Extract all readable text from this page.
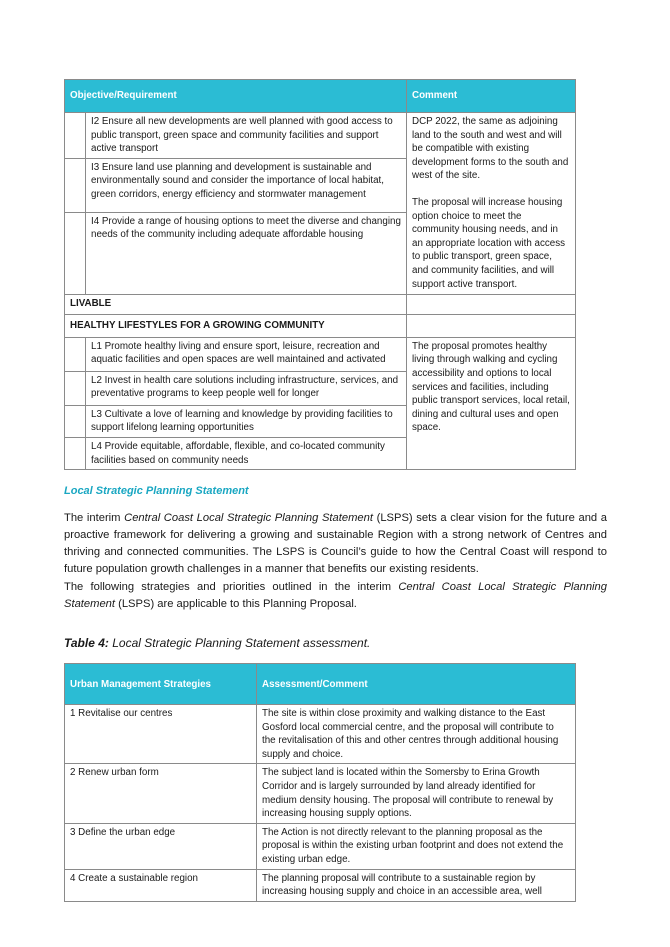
Objective/Requirement		Comment
	I2 Ensure all new developments are well planned with good access to public transport, green space and community facilities and support active transport	DCP 2022, the same as adjoining land to the south and west and will be compatible with existing development forms to the south and west of the site.
The proposal will increase housing option choice to meet the community housing needs, and in an appropriate location with access to public transport, green space, and community facilities, and will support active transport.

	I3 Ensure land use planning and development is sustainable and environmentally sound and consider the importance of local habitat, green corridors, energy efficiency and stormwater management	
	I4 Provide a range of housing options to meet the diverse and changing needs of the community including adequate affordable housing	
LIVABLE		
HEALTHY LIFESTYLES FOR A GROWING COMMUNITY		
	L1 Promote healthy living and ensure sport, leisure, recreation and aquatic facilities and open spaces are well maintained and activated	The proposal promotes healthy living through walking and cycling accessibility and options to local services and facilities, including public transport services, local retail, dining and cultural uses and open space.
	L2 Invest in health care solutions including infrastructure, services, and preventative programs to keep people well for longer	
	L3 Cultivate a love of learning and knowledge by providing facilities to support lifelong learning opportunities	
	L4 Provide equitable, affordable, flexible, and co-located community facilities based on community needs	
Local Strategic Planning Statement

The interim Central Coast Local Strategic Planning Statement (LSPS) sets a clear vision for the future and a proactive framework for delivering a growing and sustainable Region with a strong network of Centres and thriving and connected communities. The LSPS is Council’s guide to how the Central Coast will respond to future population growth challenges in a manner that benefits our existing residents.

The following strategies and priorities outlined in the interim Central Coast Local Strategic Planning Statement (LSPS) are applicable to this Planning Proposal.

Table 4: Local Strategic Planning Statement assessment.
Urban Management Strategies	Assessment/Comment
1 Revitalise our centres	The site is within close proximity and walking distance to the East Gosford local commercial centre, and the proposal will contribute to the revitalisation of this and other centres through additional housing supply and choice.
2 Renew urban form	The subject land is located within the Somersby to Erina Growth Corridor and is largely surrounded by land already identified for medium density housing. The proposal will contribute to renewal by increasing housing supply options.
3 Define the urban edge	The Action is not directly relevant to the planning proposal as the proposal is within the existing urban footprint and does not extend the existing urban edge.
4 Create a sustainable region	The planning proposal will contribute to a sustainable region by increasing housing supply and choice in an accessible area, well
